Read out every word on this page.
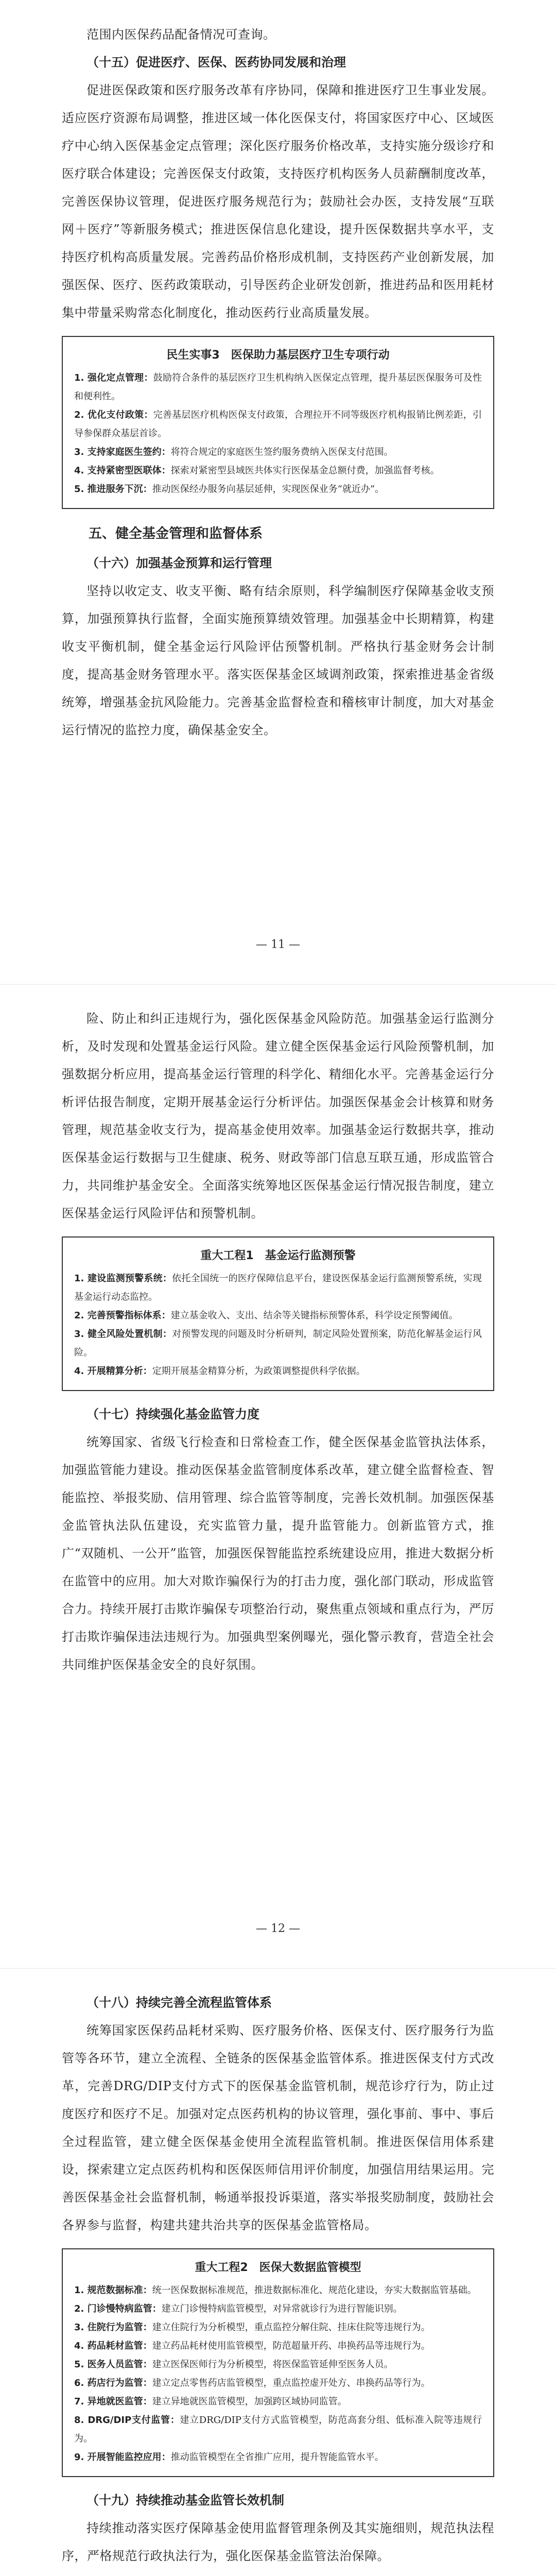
范围内医保药品配备情况可查询。

（十五）促进医疗、医保、医药协同发展和治理

促进医保政策和医疗服务改革有序协同，保障和推进医疗卫生事业发展。适应医疗资源布局调整，推进区域一体化医保支付，将国家医疗中心、区域医疗中心纳入医保基金定点管理；深化医疗服务价格改革，支持实施分级诊疗和医疗联合体建设；完善医保支付政策，支持医疗机构医务人员薪酬制度改革，完善医保协议管理，促进医疗服务规范行为；鼓励社会办医，支持发展“互联网＋医疗”等新服务模式；推进医保信息化建设，提升医保数据共享水平，支持医疗机构高质量发展。完善药品价格形成机制，支持医药产业创新发展，加强医保、医疗、医药政策联动，引导医药企业研发创新，推进药品和医用耗材集中带量采购常态化制度化，推动医药行业高质量发展。

民生实事3　医保助力基层医疗卫生专项行动
1. 强化定点管理：鼓励符合条件的基层医疗卫生机构纳入医保定点管理，提升基层医保服务可及性和便利性。
2. 优化支付政策：完善基层医疗机构医保支付政策，合理拉开不同等级医疗机构报销比例差距，引导参保群众基层首诊。
3. 支持家庭医生签约：将符合规定的家庭医生签约服务费纳入医保支付范围。
4. 支持紧密型医联体：探索对紧密型县域医共体实行医保基金总额付费，加强监督考核。
5. 推进服务下沉：推动医保经办服务向基层延伸，实现医保业务“就近办”。
五、健全基金管理和监督体系

（十六）加强基金预算和运行管理

坚持以收定支、收支平衡、略有结余原则，科学编制医疗保障基金收支预算，加强预算执行监督，全面实施预算绩效管理。加强基金中长期精算，构建收支平衡机制，健全基金运行风险评估预警机制。严格执行基金财务会计制度，提高基金财务管理水平。落实医保基金区域调剂政策，探索推进基金省级统筹，增强基金抗风险能力。完善基金监督检查和稽核审计制度，加大对基金运行情况的监控力度，确保基金安全。

— 11 —

险、防止和纠正违规行为，强化医保基金风险防范。加强基金运行监测分析，及时发现和处置基金运行风险。建立健全医保基金运行风险预警机制，加强数据分析应用，提高基金运行管理的科学化、精细化水平。完善基金运行分析评估报告制度，定期开展基金运行分析评估。加强医保基金会计核算和财务管理，规范基金收支行为，提高基金使用效率。加强基金运行数据共享，推动医保基金运行数据与卫生健康、税务、财政等部门信息互联互通，形成监管合力，共同维护基金安全。全面落实统筹地区医保基金运行情况报告制度，建立医保基金运行风险评估和预警机制。

重大工程1　基金运行监测预警
1. 建设监测预警系统：依托全国统一的医疗保障信息平台，建设医保基金运行监测预警系统，实现基金运行动态监控。
2. 完善预警指标体系：建立基金收入、支出、结余等关键指标预警体系，科学设定预警阈值。
3. 健全风险处置机制：对预警发现的问题及时分析研判，制定风险处置预案，防范化解基金运行风险。
4. 开展精算分析：定期开展基金精算分析，为政策调整提供科学依据。

（十七）持续强化基金监管力度

统筹国家、省级飞行检查和日常检查工作，健全医保基金监管执法体系，加强监管能力建设。推动医保基金监管制度体系改革，建立健全监督检查、智能监控、举报奖励、信用管理、综合监管等制度，完善长效机制。加强医保基金监管执法队伍建设，充实监管力量，提升监管能力。创新监管方式，推广“双随机、一公开”监管，加强医保智能监控系统建设应用，推进大数据分析在监管中的应用。加大对欺诈骗保行为的打击力度，强化部门联动，形成监管合力。持续开展打击欺诈骗保专项整治行动，聚焦重点领域和重点行为，严厉打击欺诈骗保违法违规行为。加强典型案例曝光，强化警示教育，营造全社会共同维护医保基金安全的良好氛围。

— 12 —

（十八）持续完善全流程监管体系

统筹国家医保药品耗材采购、医疗服务价格、医保支付、医疗服务行为监管等各环节，建立全流程、全链条的医保基金监管体系。推进医保支付方式改革，完善DRG/DIP支付方式下的医保基金监管机制，规范诊疗行为，防止过度医疗和医疗不足。加强对定点医药机构的协议管理，强化事前、事中、事后全过程监管，建立健全医保基金使用全流程监管机制。推进医保信用体系建设，探索建立定点医药机构和医保医师信用评价制度，加强信用结果运用。完善医保基金社会监督机制，畅通举报投诉渠道，落实举报奖励制度，鼓励社会各界参与监督，构建共建共治共享的医保基金监管格局。

重大工程2　医保大数据监管模型
1. 规范数据标准：统一医保数据标准规范，推进数据标准化、规范化建设，夯实大数据监管基础。
2. 门诊慢特病监管：建立门诊慢特病监管模型，对异常就诊行为进行智能识别。
3. 住院行为监管：建立住院行为分析模型，重点监控分解住院、挂床住院等违规行为。
4. 药品耗材监管：建立药品耗材使用监管模型，防范超量开药、串换药品等违规行为。
5. 医务人员监管：建立医保医师行为分析模型，将医保监管延伸至医务人员。
6. 药店行为监管：建立定点零售药店监管模型，重点监控虚开处方、串换药品等行为。
7. 异地就医监管：建立异地就医监管模型，加强跨区域协同监管。
8. DRG/DIP支付监管：建立DRG/DIP支付方式监管模型，防范高套分组、低标准入院等违规行为。
9. 开展智能监控应用：推动监管模型在全省推广应用，提升智能监管水平。

（十九）持续推动基金监管长效机制

持续推动落实医疗保障基金使用监督管理条例及其实施细则，规范执法程序，严格规范行政执法行为，强化医保基金监管法治保障。
